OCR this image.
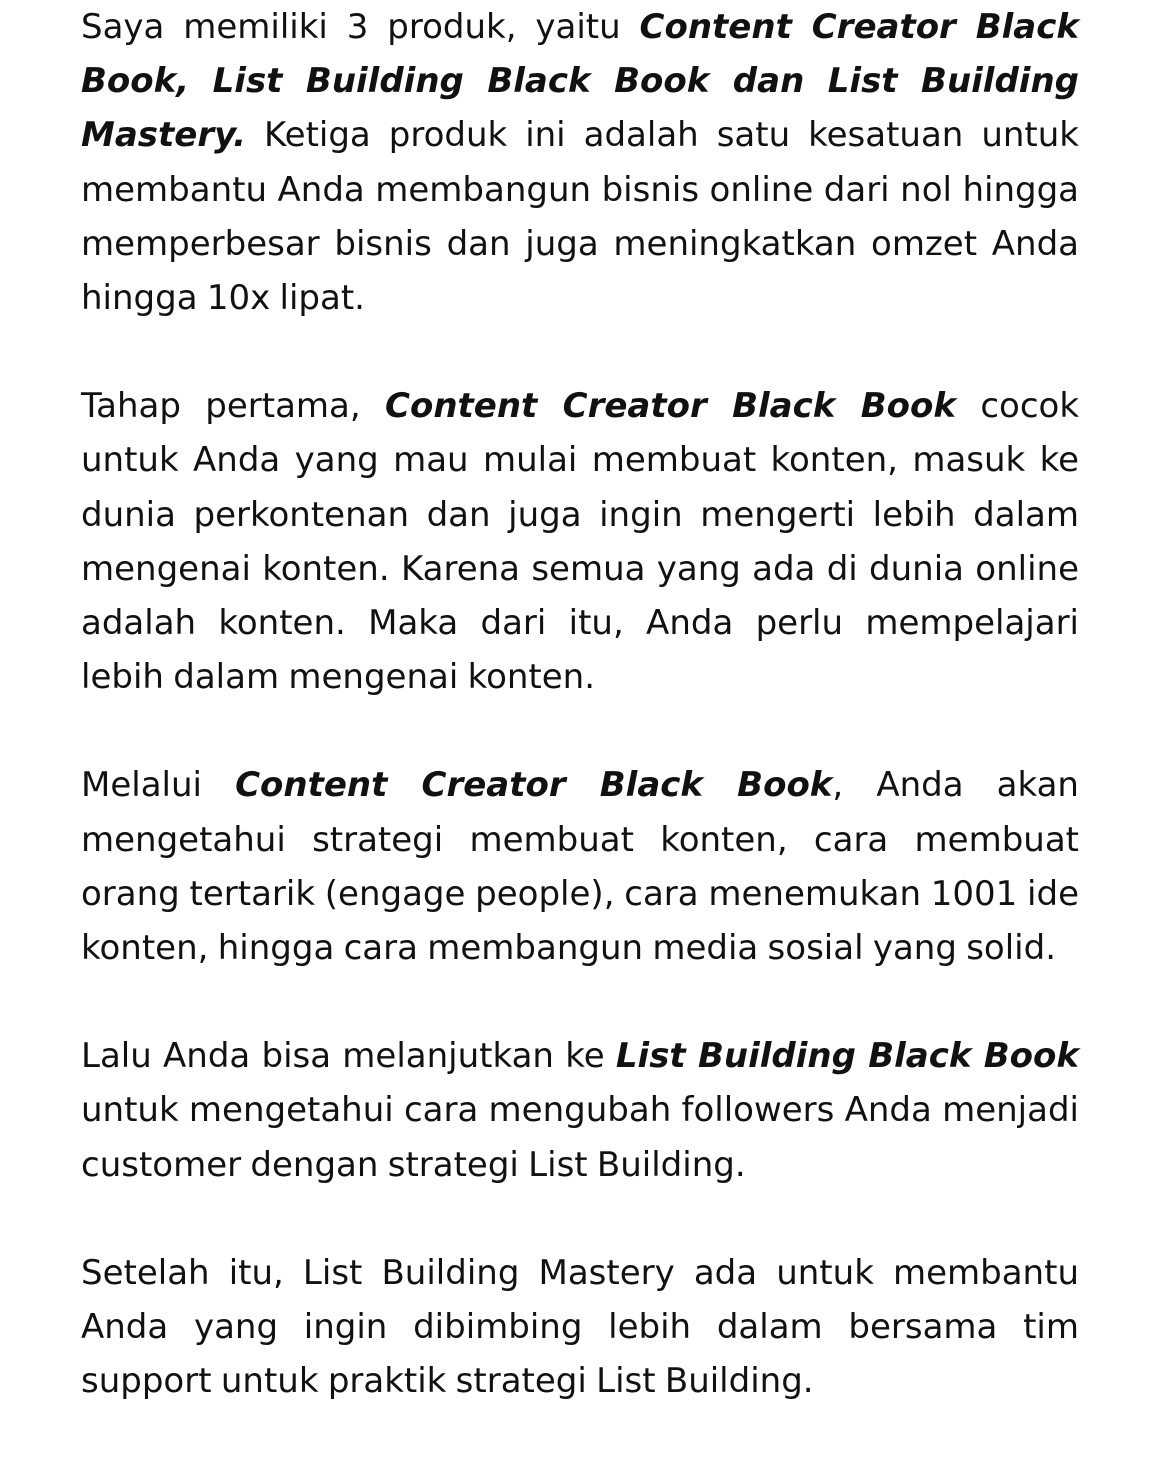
Saya memiliki 3 produk, yaitu Content Creator Black Book, List Building Black Book dan List Building Mastery. Ketiga produk ini adalah satu kesatuan untuk membantu Anda membangun bisnis online dari nol hingga memperbesar bisnis dan juga meningkatkan omzet Anda hingga 10x lipat.

Tahap pertama, Content Creator Black Book cocok untuk Anda yang mau mulai membuat konten, masuk ke dunia perkontenan dan juga ingin mengerti lebih dalam mengenai konten. Karena semua yang ada di dunia online adalah konten. Maka dari itu, Anda perlu mempelajari lebih dalam mengenai konten.

Melalui Content Creator Black Book, Anda akan mengetahui strategi membuat konten, cara membuat orang tertarik (engage people), cara menemukan 1001 ide konten, hingga cara membangun media sosial yang solid.

Lalu Anda bisa melanjutkan ke List Building Black Book untuk mengetahui cara mengubah followers Anda menjadi customer dengan strategi List Building.

Setelah itu, List Building Mastery ada untuk membantu Anda yang ingin dibimbing lebih dalam bersama tim support untuk praktik strategi List Building.
